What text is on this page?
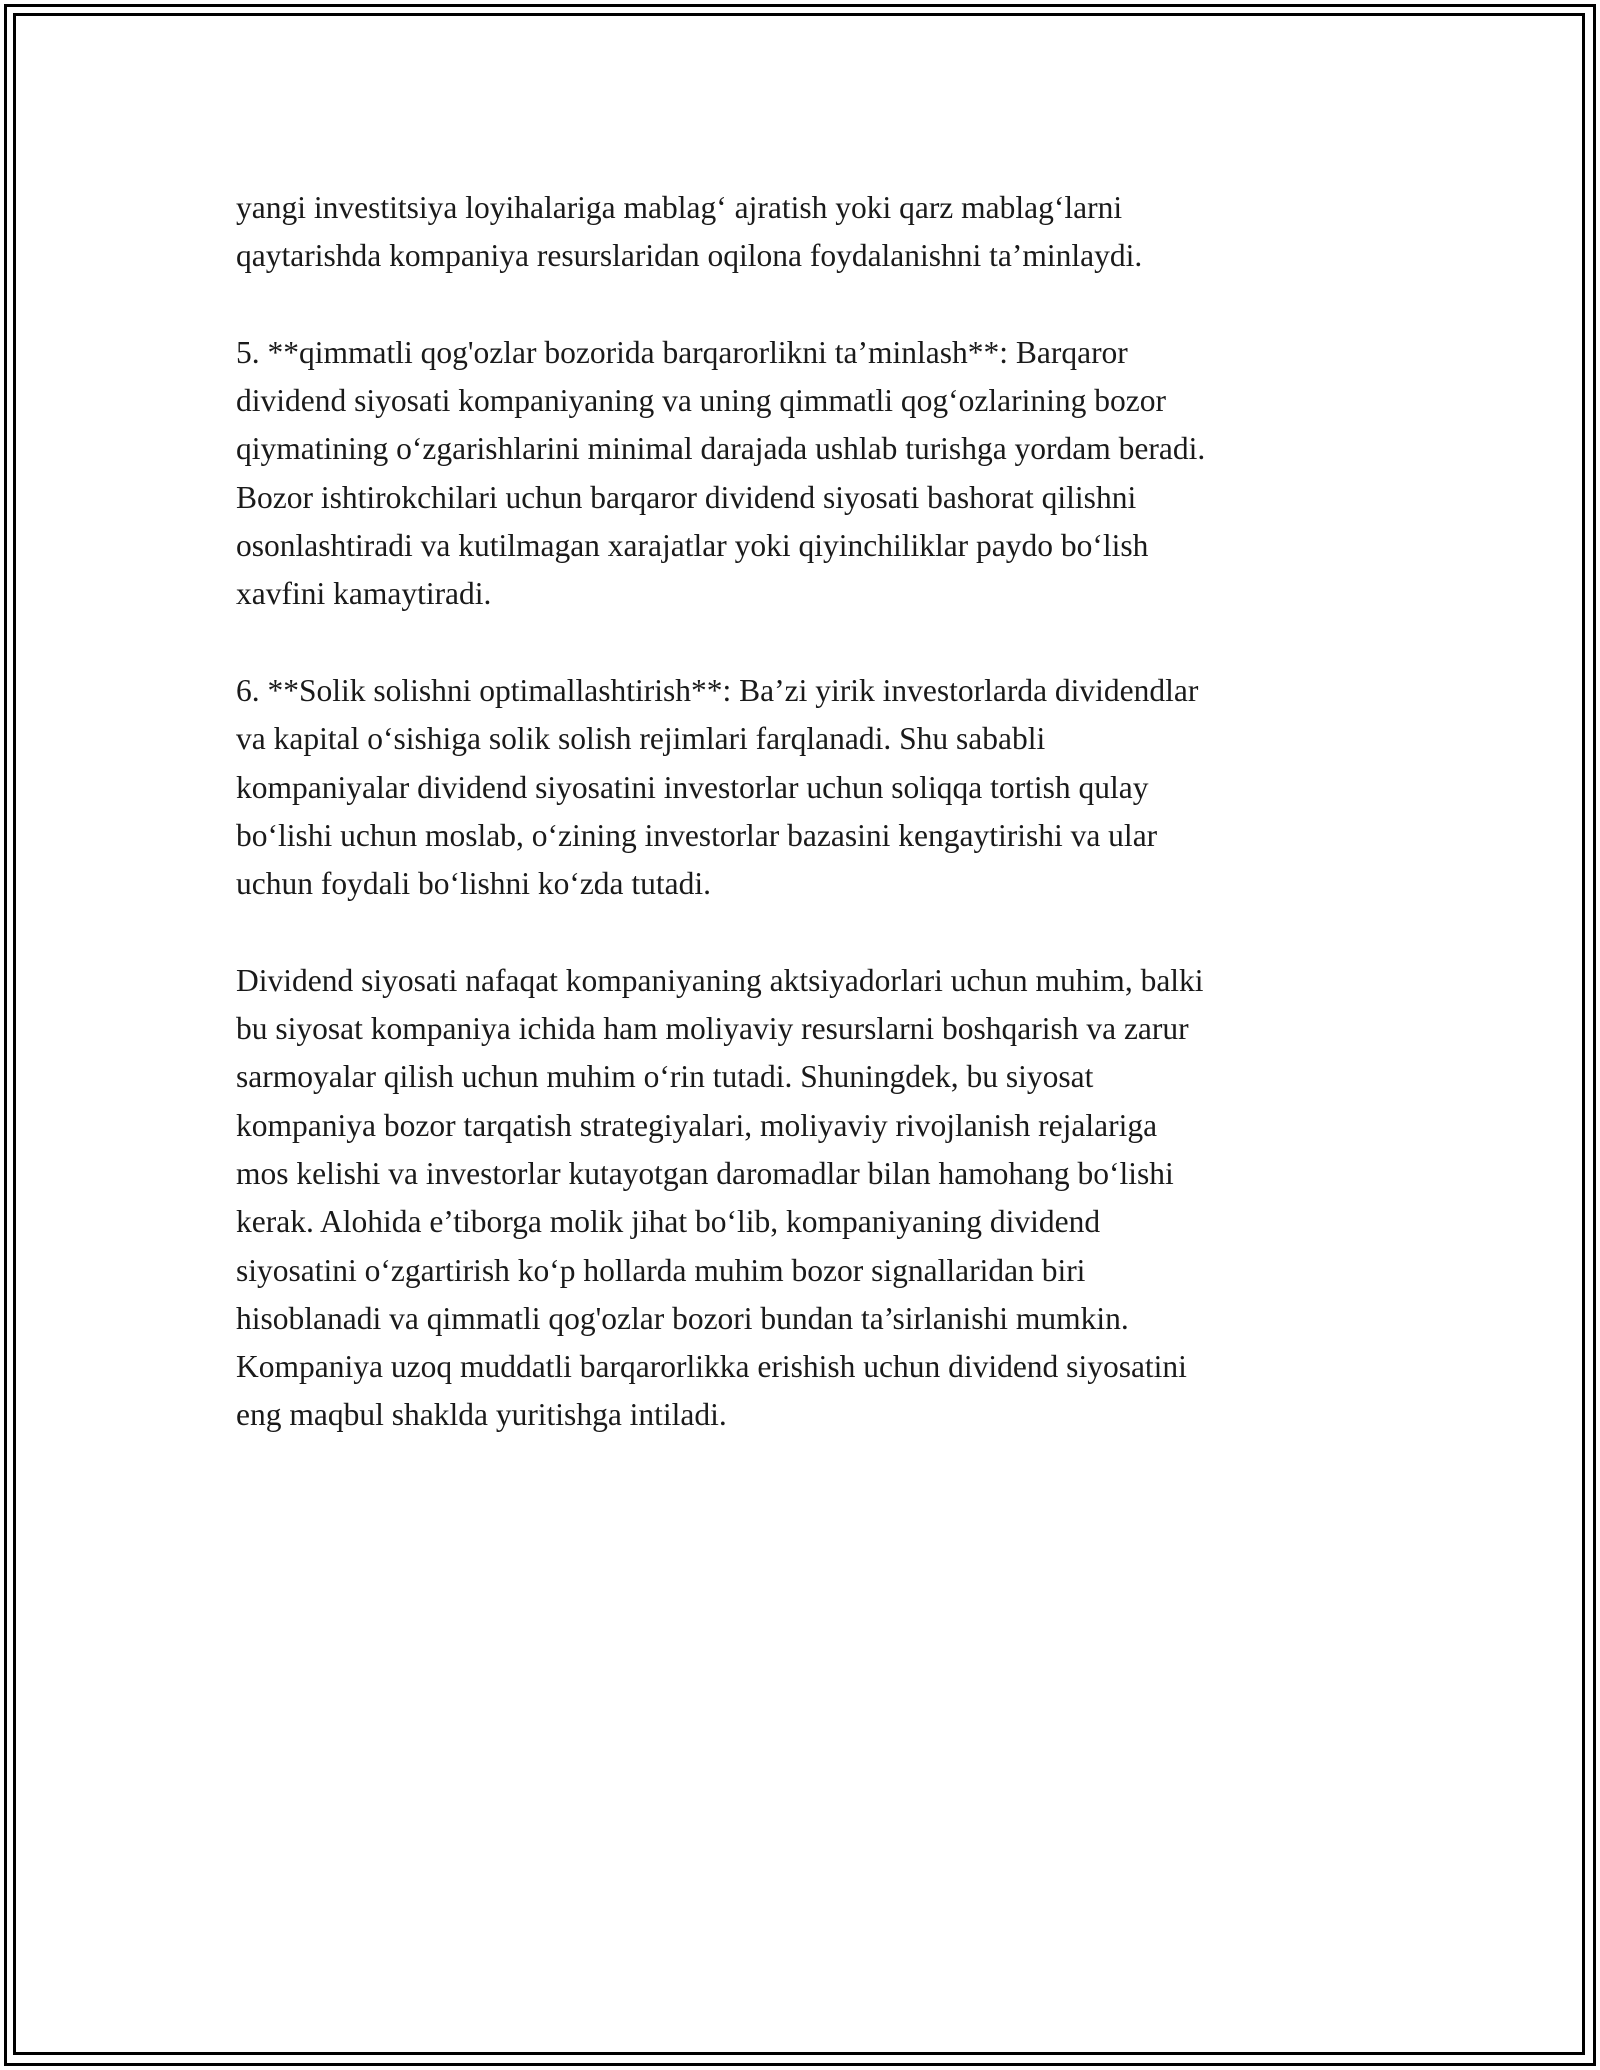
yangi investitsiya loyihalariga mablag‘ ajratish yoki qarz mablag‘larni
qaytarishda kompaniya resurslaridan oqilona foydalanishni ta’minlaydi.

5. **qimmatli qog'ozlar bozorida barqarorlikni ta’minlash**: Barqaror
dividend siyosati kompaniyaning va uning qimmatli qog‘ozlarining bozor
qiymatining o‘zgarishlarini minimal darajada ushlab turishga yordam beradi.
Bozor ishtirokchilari uchun barqaror dividend siyosati bashorat qilishni
osonlashtiradi va kutilmagan xarajatlar yoki qiyinchiliklar paydo bo‘lish
xavfini kamaytiradi.

6. **Solik solishni optimallashtirish**: Ba’zi yirik investorlarda dividendlar
va kapital o‘sishiga solik solish rejimlari farqlanadi. Shu sababli
kompaniyalar dividend siyosatini investorlar uchun soliqqa tortish qulay
bo‘lishi uchun moslab, o‘zining investorlar bazasini kengaytirishi va ular
uchun foydali bo‘lishni ko‘zda tutadi.

Dividend siyosati nafaqat kompaniyaning aktsiyadorlari uchun muhim, balki
bu siyosat kompaniya ichida ham moliyaviy resurslarni boshqarish va zarur
sarmoyalar qilish uchun muhim o‘rin tutadi. Shuningdek, bu siyosat
kompaniya bozor tarqatish strategiyalari, moliyaviy rivojlanish rejalariga
mos kelishi va investorlar kutayotgan daromadlar bilan hamohang bo‘lishi
kerak. Alohida e’tiborga molik jihat bo‘lib, kompaniyaning dividend
siyosatini o‘zgartirish ko‘p hollarda muhim bozor signallaridan biri
hisoblanadi va qimmatli qog'ozlar bozori bundan ta’sirlanishi mumkin.
Kompaniya uzoq muddatli barqarorlikka erishish uchun dividend siyosatini
eng maqbul shaklda yuritishga intiladi.
